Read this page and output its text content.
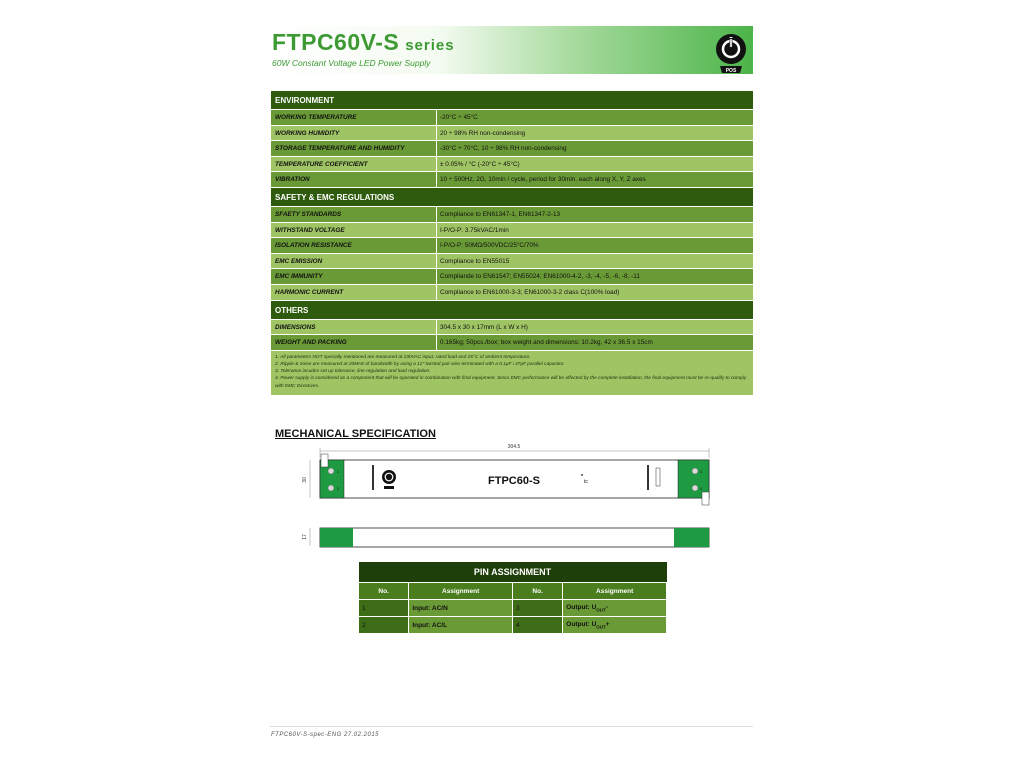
FTPC60V-S series
60W Constant Voltage LED Power Supply
POS
ENVIRONMENT
WORKING TEMPERATURE	-20°C ÷ 45°C
WORKING HUMIDITY	20 ÷ 98% RH non-condensing
STORAGE TEMPERATURE AND HUMIDITY	-30°C ÷ 70°C, 10 ÷ 98% RH non-condensing
TEMPERATURE COEFFICIENT	± 0.05% / °C (-20°C ÷ 45°C)
VIBRATION	10 ÷ 500Hz, 2G, 10min / cycle, period for 30min. each along X, Y, Z axes
SAFETY & EMC REGULATIONS
SFAETY STANDARDS	Compliance to EN61347-1, EN61347-2-13
WITHSTAND VOLTAGE	I-P/O-P: 3.75kVAC/1min
ISOLATION RESISTANCE	I-P/O-P: 50MΩ/500VDC/25°C/70%
EMC EMISSION	Compliance to EN55015
EMC IMMUNITY	Compliande to EN61547; EN55024; EN61000-4-2, -3, -4, -5, -6, -8, -11
HARMONIC CURRENT	Compliance to EN61000-3-3; EN61000-3-2 class C(100% load)
OTHERS
DIMENSIONS	304.5 x 30 x 17mm (L x W x H)
WEIGHT AND PACKING	0.165kg; 50pcs./box; box weight and dimensions: 10.2kg, 42 x 36.5 x 15cm
1. All parameters NOT specially mentioned are measured at 230VAC input, rated load and 25°C of ambient temperature.
2. Ripple & noise are measured at 20MHz of bandwidth by using a 12" twisted pair-wire terminated with a 0.1μF i 47μF parallel capacitor.
3. Tolerance incudes set up tolerance, line regulation and load regulation.
4. Power supply is considered as a component that will be operated in combination with final equipment. Since EMC performance will be affected by the complete installation, the final equipment must be re-qualify to comply with EMC Directives.
MECHANICAL SPECIFICATION
304.5
30
1
2
3
4
FTPC60-S	tc
17
PIN ASSIGNMENT			
No.	Assignment	No.	Assignment
1	Input: AC/N	3	Output: $U_{OUT}-$
2	Input: AC/L	4	Output: $U_{OUT}+$
FTPC60V-S-spec-ENG 27.02.2015
